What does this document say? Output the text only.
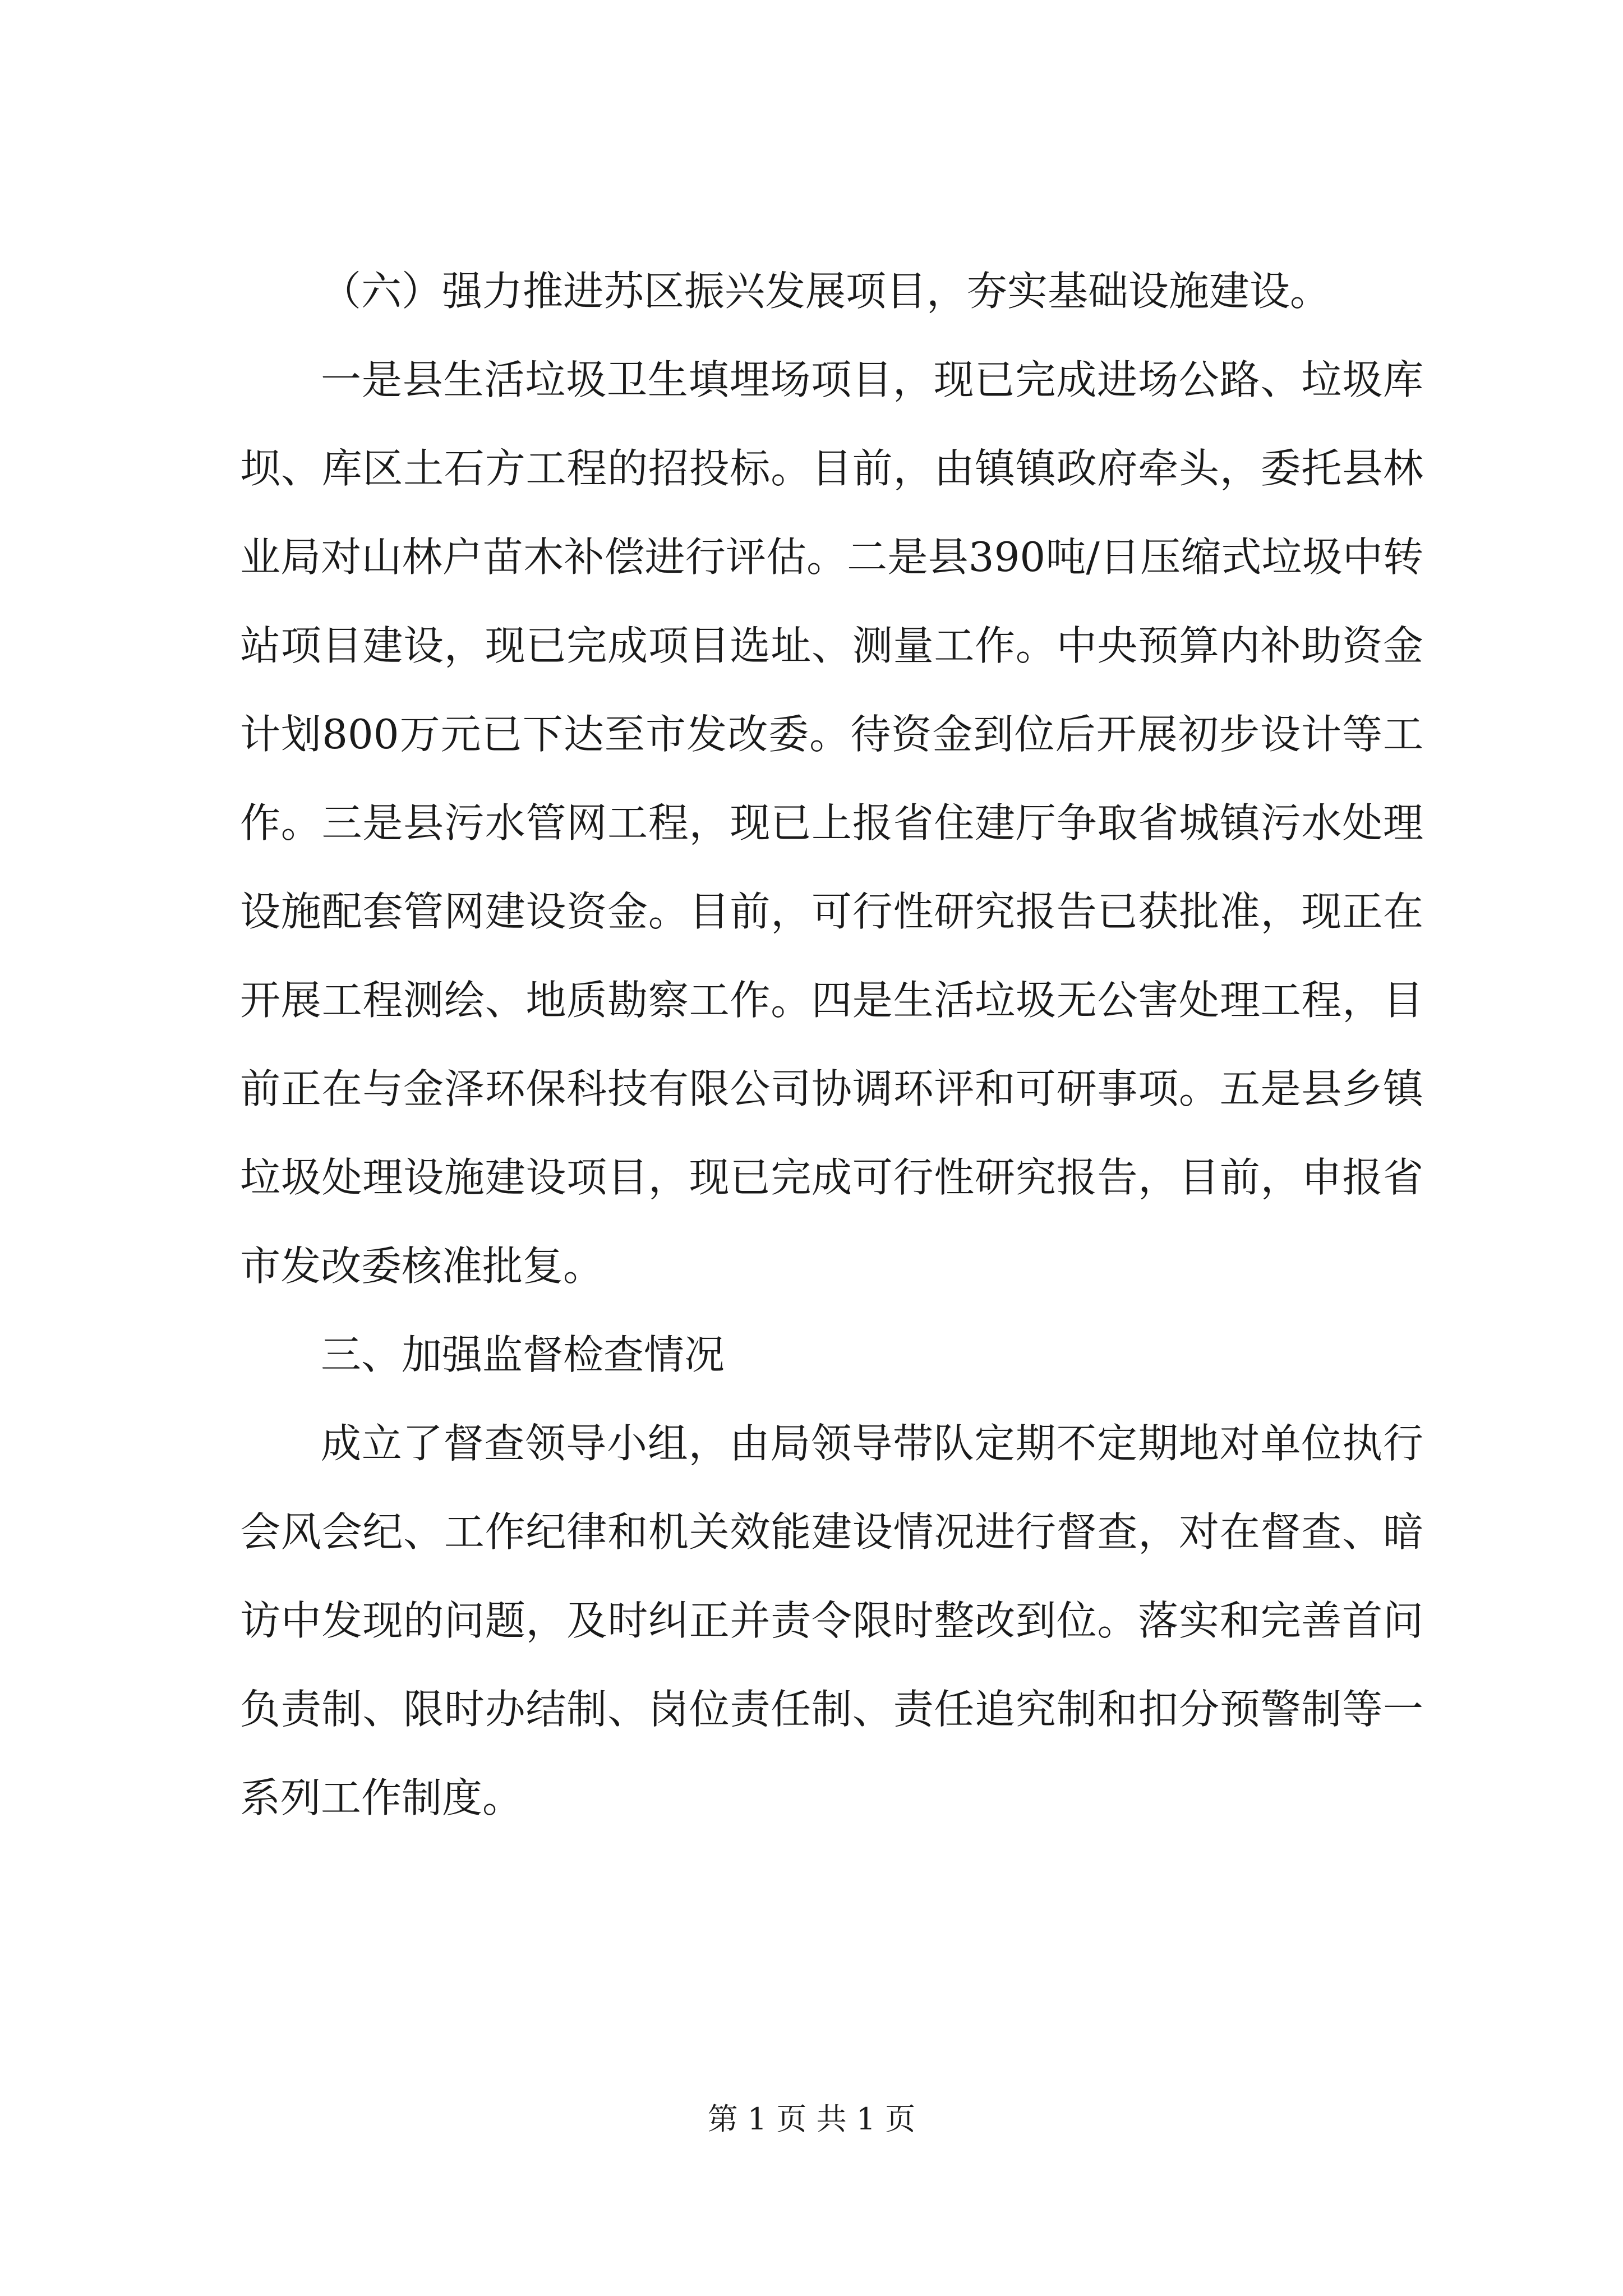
（六）强力推进苏区振兴发展项目，夯实基础设施建设。

一是县生活垃圾卫生填埋场项目，现已完成进场公路、垃圾库坝、库区土石方工程的招投标。目前，由镇镇政府牵头，委托县林业局对山林户苗木补偿进行评估。二是县390吨/日压缩式垃圾中转站项目建设，现已完成项目选址、测量工作。中央预算内补助资金计划800万元已下达至市发改委。待资金到位后开展初步设计等工作。三是县污水管网工程，现已上报省住建厅争取省城镇污水处理设施配套管网建设资金。目前，可行性研究报告已获批准，现正在开展工程测绘、地质勘察工作。四是生活垃圾无公害处理工程，目前正在与金泽环保科技有限公司协调环评和可研事项。五是县乡镇垃圾处理设施建设项目，现已完成可行性研究报告，目前，申报省市发改委核准批复。

三、加强监督检查情况

成立了督查领导小组，由局领导带队定期不定期地对单位执行会风会纪、工作纪律和机关效能建设情况进行督查，对在督查、暗访中发现的问题，及时纠正并责令限时整改到位。落实和完善首问负责制、限时办结制、岗位责任制、责任追究制和扣分预警制等一系列工作制度。

第 1 页 共 1 页
